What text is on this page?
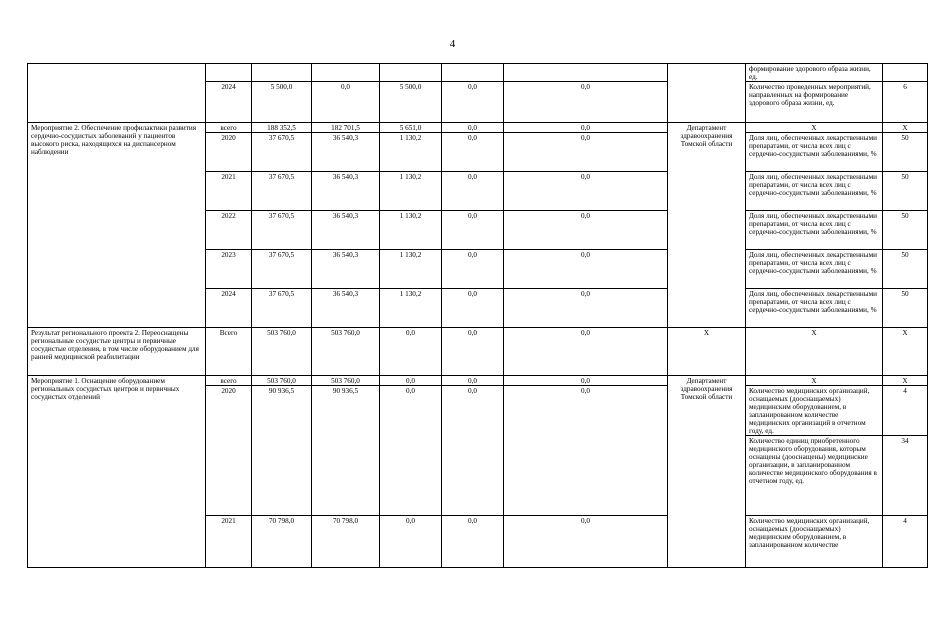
4
								формирование здорового образа жизни, ед.	
	2024	5 500,0	0,0	5 500,0	0,0	0,0		Количество проведенных мероприятий, направленных на формирование здорового образа жизни, ед.	6
Мероприятие 2. Обеспечение профилактики развития сердечно-сосудистых заболеваний у пациентов высокого риска, находящихся на диспансерном наблюдении	всего	188 352,5	182 701,5	5 651,0	0,0	0,0	Департамент здравоохранения Томской области	Х	Х
	2020	37 670,5	36 540,3	1 130,2	0,0	0,0		Доля лиц, обеспеченных лекарственными препаратами, от числа всех лиц с сердечно-сосудистыми заболеваниями, %	50
	2021	37 670,5	36 540,3	1 130,2	0,0	0,0		Доля лиц, обеспеченных лекарственными препаратами, от числа всех лиц с сердечно-сосудистыми заболеваниями, %	50
	2022	37 670,5	36 540,3	1 130,2	0,0	0,0		Доля лиц, обеспеченных лекарственными препаратами, от числа всех лиц с сердечно-сосудистыми заболеваниями, %	50
	2023	37 670,5	36 540,3	1 130,2	0,0	0,0		Доля лиц, обеспеченных лекарственными препаратами, от числа всех лиц с сердечно-сосудистыми заболеваниями, %	50
	2024	37 670,5	36 540,3	1 130,2	0,0	0,0		Доля лиц, обеспеченных лекарственными препаратами, от числа всех лиц с сердечно-сосудистыми заболеваниями, %	50
Результат регионального проекта 2. Переоснащены региональные сосудистые центры и первичные сосудистые отделения, в том числе оборудованием для ранней медицинской реабилитации	Всего	503 760,0	503 760,0	0,0	0,0	0,0	Х	Х	Х
Мероприятие 1. Оснащение оборудованием региональных сосудистых центров и первичных сосудистых отделений	всего	503 760,0	503 760,0	0,0	0,0	0,0	Департамент здравоохранения Томской области	Х	Х
	2020	90 936,5	90 936,5	0,0	0,0	0,0		Количество медицинских организаций, оснащаемых (дооснащаемых) медицинским оборудованием, в запланированном количестве медицинских организаций в отчетном году, ед.	4
								Количество единиц приобретенного медицинского оборудования, которым оснащены (дооснащены) медицинские организации, в запланированном количестве медицинского оборудования в отчетном году, ед.	34
	2021	70 798,0	70 798,0	0,0	0,0	0,0		Количество медицинских организаций, оснащаемых (дооснащаемых) медицинским оборудованием, в запланированном количестве	4
